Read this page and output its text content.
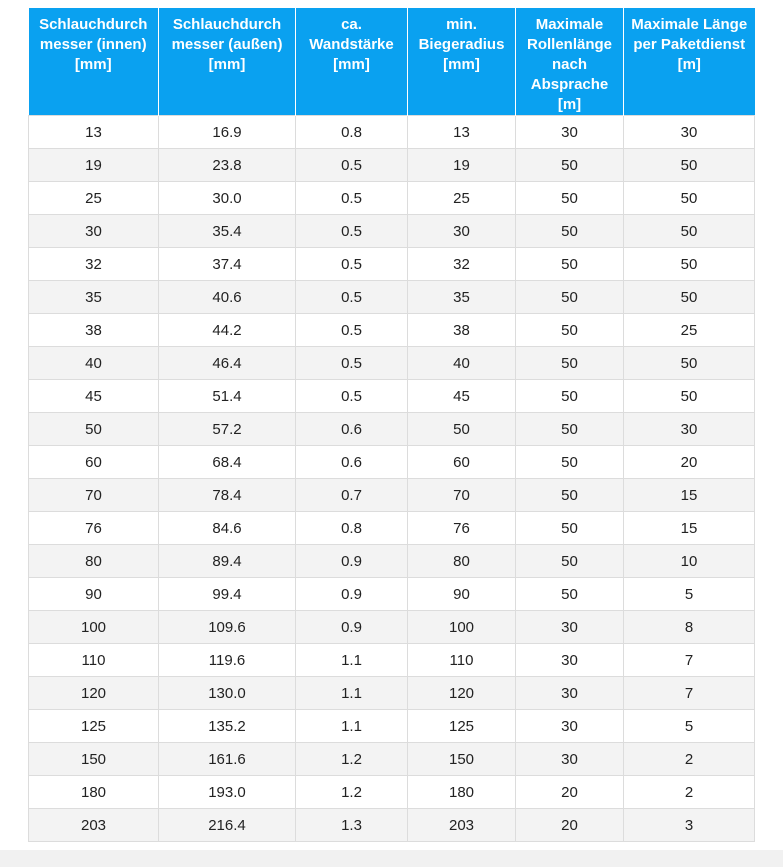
Schlauchdurch messer (innen) [mm]	Schlauchdurch messer (außen) [mm]	ca. Wandstärke [mm]	min. Biegeradius [mm]	Maximale Rollenlänge nach Absprache [m]	Maximale Länge per Paketdienst [m]
13	16.9	0.8	13	30	30
19	23.8	0.5	19	50	50
25	30.0	0.5	25	50	50
30	35.4	0.5	30	50	50
32	37.4	0.5	32	50	50
35	40.6	0.5	35	50	50
38	44.2	0.5	38	50	25
40	46.4	0.5	40	50	50
45	51.4	0.5	45	50	50
50	57.2	0.6	50	50	30
60	68.4	0.6	60	50	20
70	78.4	0.7	70	50	15
76	84.6	0.8	76	50	15
80	89.4	0.9	80	50	10
90	99.4	0.9	90	50	5
100	109.6	0.9	100	30	8
110	119.6	1.1	110	30	7
120	130.0	1.1	120	30	7
125	135.2	1.1	125	30	5
150	161.6	1.2	150	30	2
180	193.0	1.2	180	20	2
203	216.4	1.3	203	20	3
